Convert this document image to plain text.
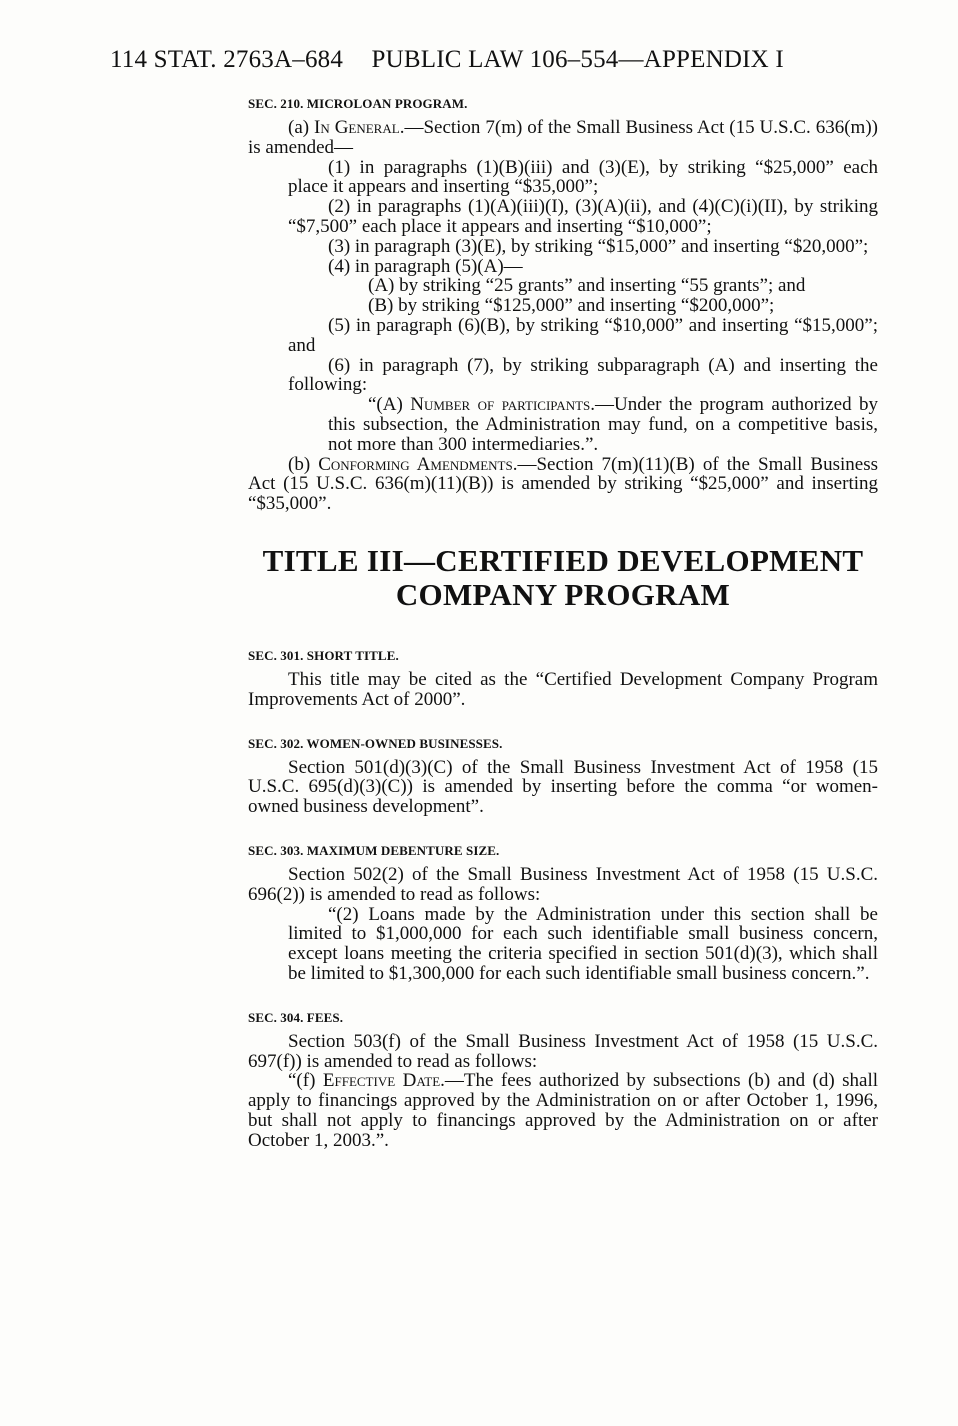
114 STAT. 2763A–684 PUBLIC LAW 106–554—APPENDIX I
SEC. 210. MICROLOAN PROGRAM.

(a) In General.—Section 7(m) of the Small Business Act (15 U.S.C. 636(m)) is amended—

(1) in paragraphs (1)(B)(iii) and (3)(E), by striking “$25,000” each place it appears and inserting “$35,000”;

(2) in paragraphs (1)(A)(iii)(I), (3)(A)(ii), and (4)(C)(i)(II), by striking “$7,500” each place it appears and inserting “$10,000”;

(3) in paragraph (3)(E), by striking “$15,000” and inserting “$20,000”;

(4) in paragraph (5)(A)—

(A) by striking “25 grants” and inserting “55 grants”; and

(B) by striking “$125,000” and inserting “$200,000”;

(5) in paragraph (6)(B), by striking “$10,000” and inserting “$15,000”; and

(6) in paragraph (7), by striking subparagraph (A) and inserting the following:

“(A) Number of participants.—Under the program authorized by this subsection, the Administration may fund, on a competitive basis, not more than 300 intermediaries.”.

(b) Conforming Amendments.—Section 7(m)(11)(B) of the Small Business Act (15 U.S.C. 636(m)(11)(B)) is amended by striking “$25,000” and inserting “$35,000”.

TITLE III—CERTIFIED DEVELOPMENT
COMPANY PROGRAM
SEC. 301. SHORT TITLE.

This title may be cited as the “Certified Development Company Program Improvements Act of 2000”.

SEC. 302. WOMEN-OWNED BUSINESSES.

Section 501(d)(3)(C) of the Small Business Investment Act of 1958 (15 U.S.C. 695(d)(3)(C)) is amended by inserting before the comma “or women-owned business development”.

SEC. 303. MAXIMUM DEBENTURE SIZE.

Section 502(2) of the Small Business Investment Act of 1958 (15 U.S.C. 696(2)) is amended to read as follows:

“(2) Loans made by the Administration under this section shall be limited to $1,000,000 for each such identifiable small business concern, except loans meeting the criteria specified in section 501(d)(3), which shall be limited to $1,300,000 for each such identifiable small business concern.”.

SEC. 304. FEES.

Section 503(f) of the Small Business Investment Act of 1958 (15 U.S.C. 697(f)) is amended to read as follows:

“(f) Effective Date.—The fees authorized by subsections (b) and (d) shall apply to financings approved by the Administration on or after October 1, 1996, but shall not apply to financings approved by the Administration on or after October 1, 2003.”.
